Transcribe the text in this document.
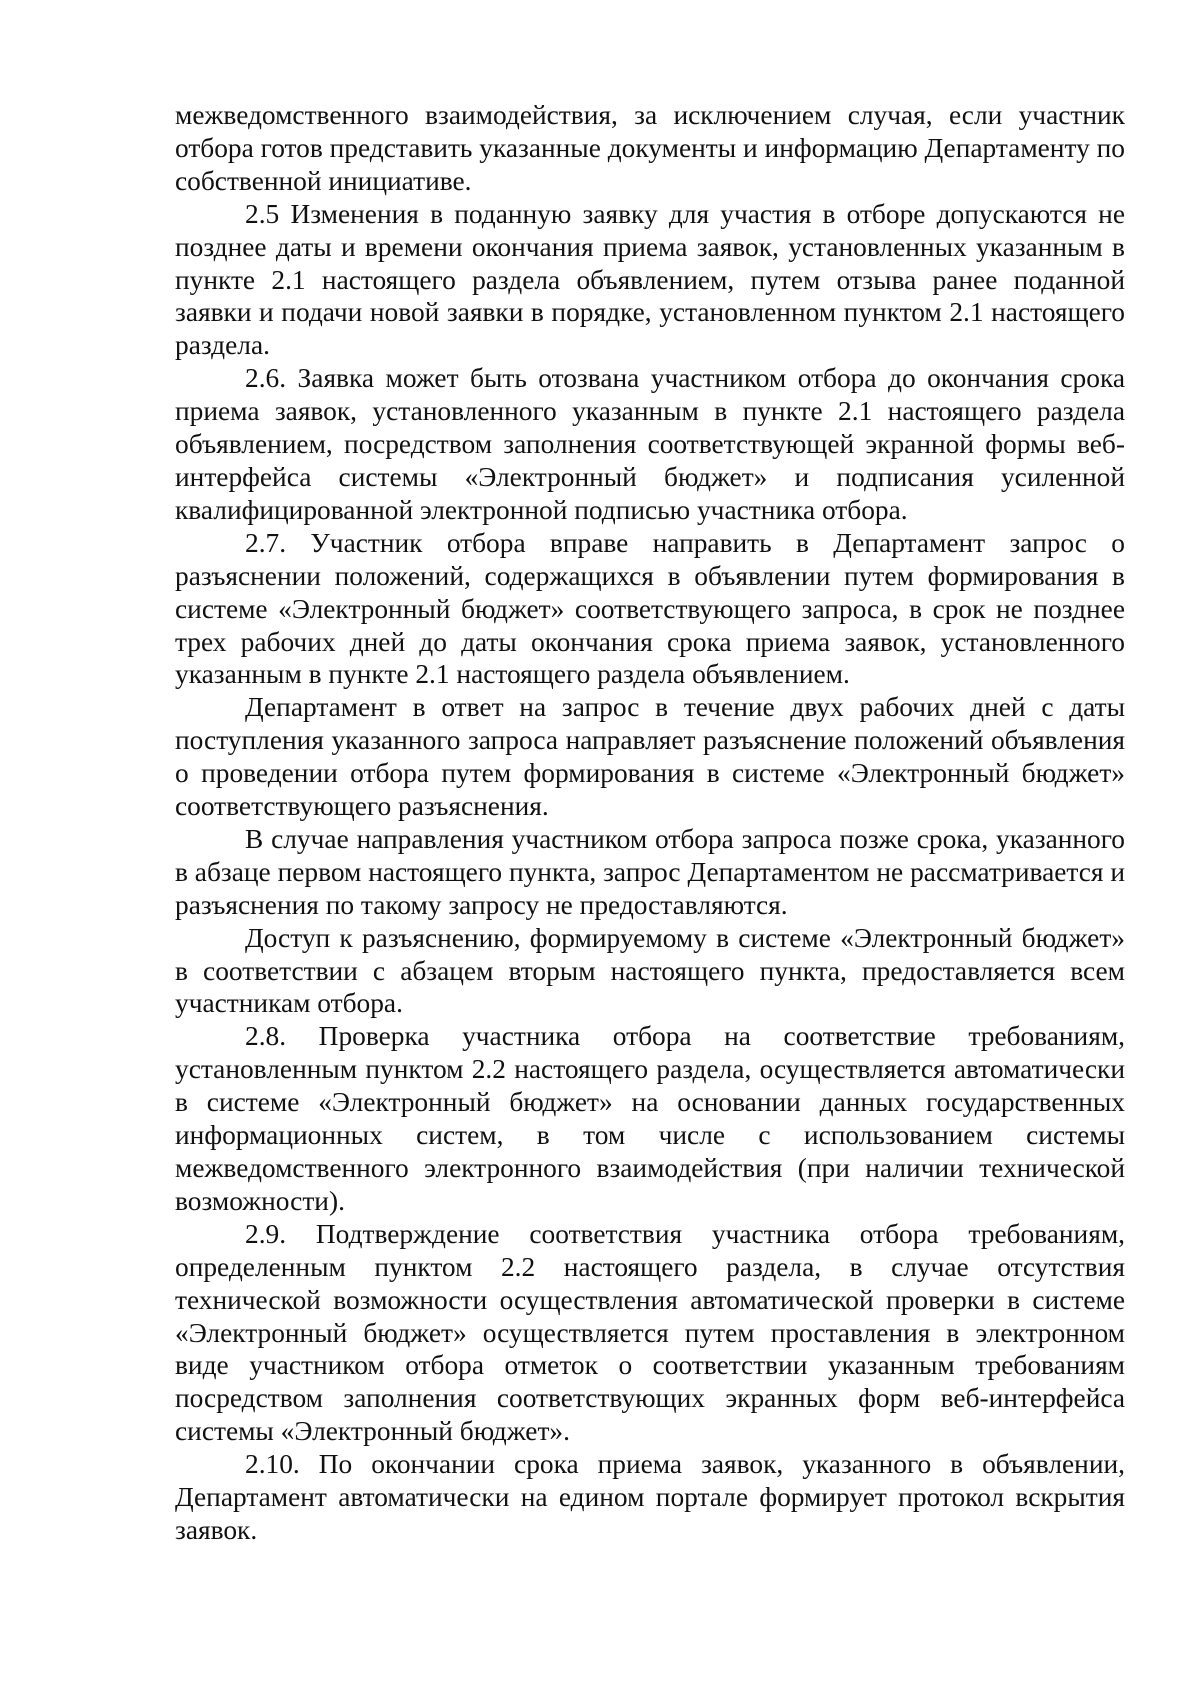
межведомственного взаимодействия, за исключением случая, если участник отбора готов представить указанные документы и информацию Департаменту по собственной инициативе.

2.5 Изменения в поданную заявку для участия в отборе допускаются не позднее даты и времени окончания приема заявок, установленных указанным в пункте 2.1 настоящего раздела объявлением, путем отзыва ранее поданной заявки и подачи новой заявки в порядке, установленном пунктом 2.1 настоящего раздела.

2.6. Заявка может быть отозвана участником отбора до окончания срока приема заявок, установленного указанным в пункте 2.1 настоящего раздела объявлением, посредством заполнения соответствующей экранной формы веб-интерфейса системы «Электронный бюджет» и подписания усиленной квалифицированной электронной подписью участника отбора.

2.7. Участник отбора вправе направить в Департамент запрос о разъяснении положений, содержащихся в объявлении путем формирования в системе «Электронный бюджет» соответствующего запроса, в срок не позднее трех рабочих дней до даты окончания срока приема заявок, установленного указанным в пункте 2.1 настоящего раздела объявлением.

Департамент в ответ на запрос в течение двух рабочих дней с даты поступления указанного запроса направляет разъяснение положений объявления о проведении отбора путем формирования в системе «Электронный бюджет» соответствующего разъяснения.

В случае направления участником отбора запроса позже срока, указанного в абзаце первом настоящего пункта, запрос Департаментом не рассматривается и разъяснения по такому запросу не предоставляются.

Доступ к разъяснению, формируемому в системе «Электронный бюджет» в соответствии с абзацем вторым настоящего пункта, предоставляется всем участникам отбора.

2.8. Проверка участника отбора на соответствие требованиям, установленным пунктом 2.2 настоящего раздела, осуществляется автоматически в системе «Электронный бюджет» на основании данных государственных информационных систем, в том числе с использованием системы межведомственного электронного взаимодействия (при наличии технической возможности).

2.9. Подтверждение соответствия участника отбора требованиям, определенным пунктом 2.2 настоящего раздела, в случае отсутствия технической возможности осуществления автоматической проверки в системе «Электронный бюджет» осуществляется путем проставления в электронном виде участником отбора отметок о соответствии указанным требованиям посредством заполнения соответствующих экранных форм веб-интерфейса системы «Электронный бюджет».

2.10. По окончании срока приема заявок, указанного в объявлении, Департамент автоматически на едином портале формирует протокол вскрытия заявок.
